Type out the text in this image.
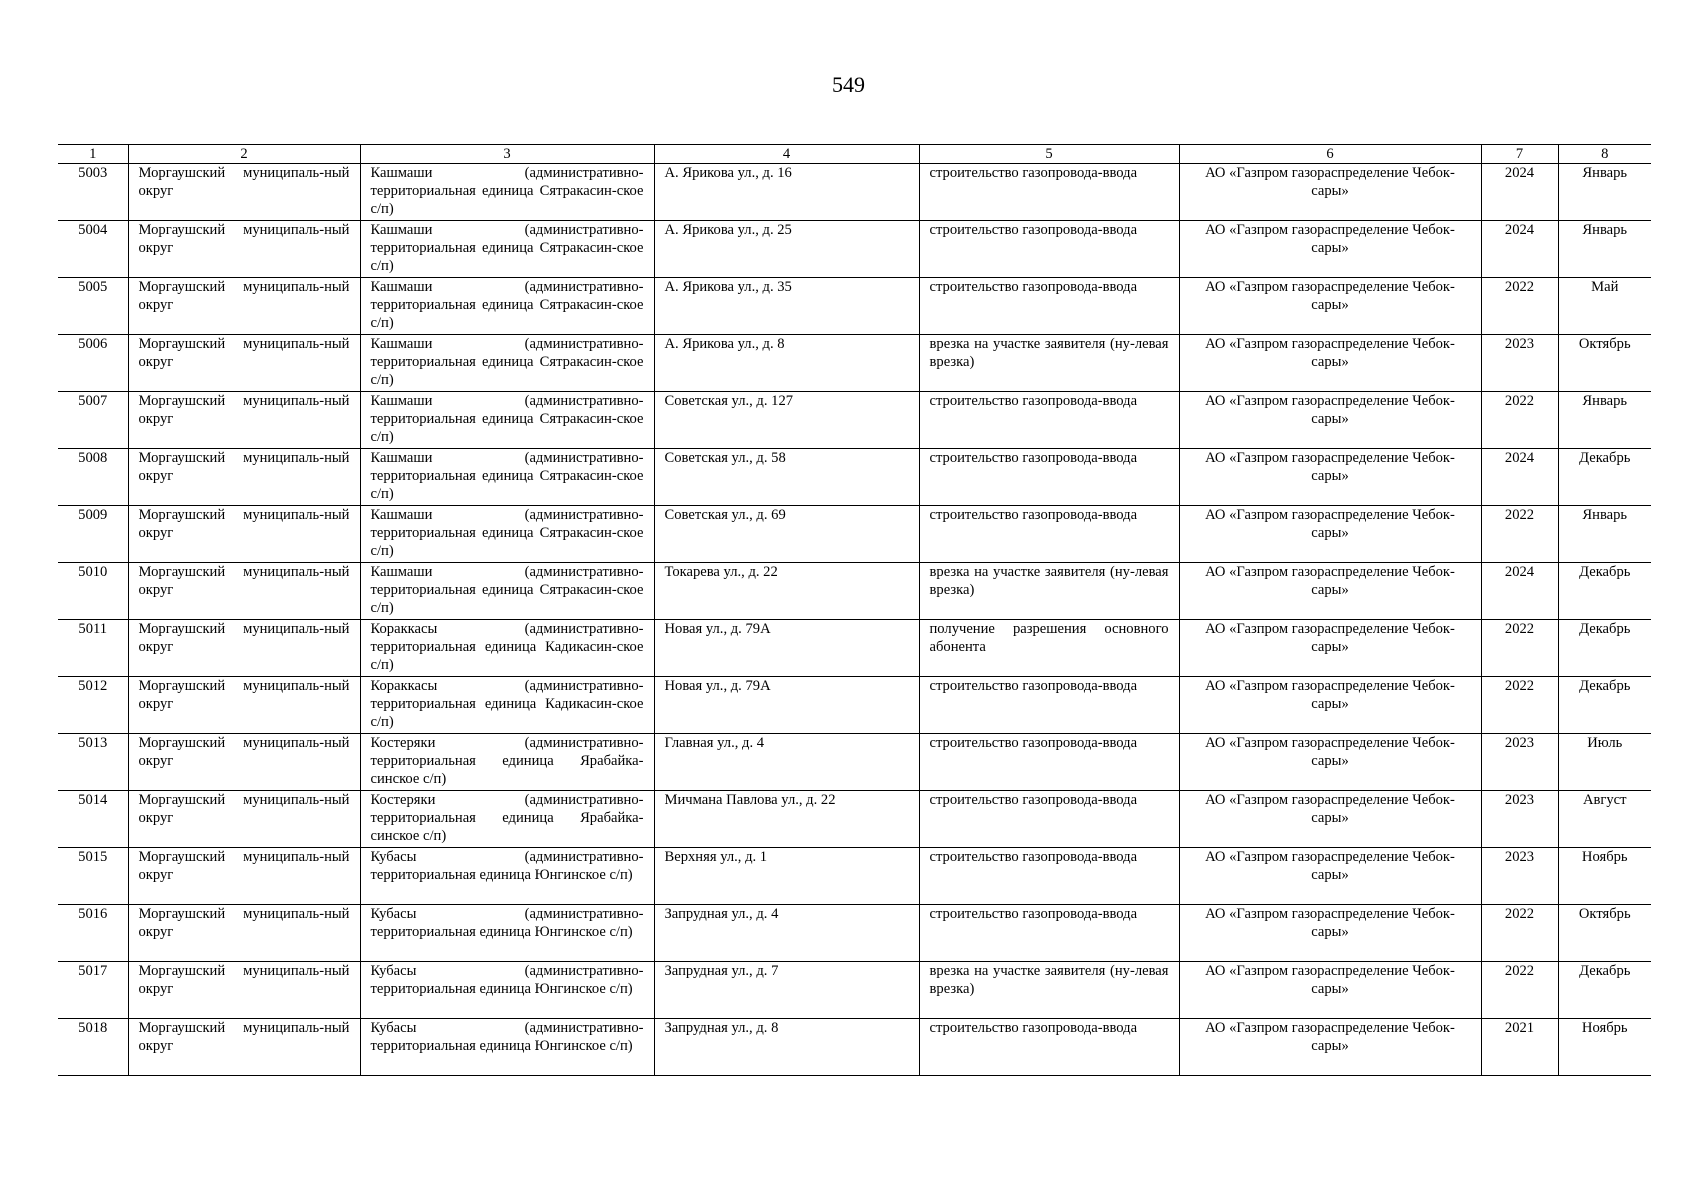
549
1	2	3	4	5	6	7	8
5003	Моргаушский муниципаль-ный округ	Кашмаши (административно-территориальная единица Сятракасин-ское с/п)	А. Ярикова ул., д. 16	строительство газопровода-ввода	АО «Газпром газораспределение Чебок-сары»	2024	Январь
5004	Моргаушский муниципаль-ный округ	Кашмаши (административно-территориальная единица Сятракасин-ское с/п)	А. Ярикова ул., д. 25	строительство газопровода-ввода	АО «Газпром газораспределение Чебок-сары»	2024	Январь
5005	Моргаушский муниципаль-ный округ	Кашмаши (административно-территориальная единица Сятракасин-ское с/п)	А. Ярикова ул., д. 35	строительство газопровода-ввода	АО «Газпром газораспределение Чебок-сары»	2022	Май
5006	Моргаушский муниципаль-ный округ	Кашмаши (административно-территориальная единица Сятракасин-ское с/п)	А. Ярикова ул., д. 8	врезка на участке заявителя (ну-левая врезка)	АО «Газпром газораспределение Чебок-сары»	2023	Октябрь
5007	Моргаушский муниципаль-ный округ	Кашмаши (административно-территориальная единица Сятракасин-ское с/п)	Советская ул., д. 127	строительство газопровода-ввода	АО «Газпром газораспределение Чебок-сары»	2022	Январь
5008	Моргаушский муниципаль-ный округ	Кашмаши (административно-территориальная единица Сятракасин-ское с/п)	Советская ул., д. 58	строительство газопровода-ввода	АО «Газпром газораспределение Чебок-сары»	2024	Декабрь
5009	Моргаушский муниципаль-ный округ	Кашмаши (административно-территориальная единица Сятракасин-ское с/п)	Советская ул., д. 69	строительство газопровода-ввода	АО «Газпром газораспределение Чебок-сары»	2022	Январь
5010	Моргаушский муниципаль-ный округ	Кашмаши (административно-территориальная единица Сятракасин-ское с/п)	Токарева ул., д. 22	врезка на участке заявителя (ну-левая врезка)	АО «Газпром газораспределение Чебок-сары»	2024	Декабрь
5011	Моргаушский муниципаль-ный округ	Кораккасы (административно-территориальная единица Кадикасин-ское с/п)	Новая ул., д. 79А	получение разрешения основного абонента	АО «Газпром газораспределение Чебок-сары»	2022	Декабрь
5012	Моргаушский муниципаль-ный округ	Кораккасы (административно-территориальная единица Кадикасин-ское с/п)	Новая ул., д. 79А	строительство газопровода-ввода	АО «Газпром газораспределение Чебок-сары»	2022	Декабрь
5013	Моргаушский муниципаль-ный округ	Костеряки (административно-территориальная единица Ярабайка-синское с/п)	Главная ул., д. 4	строительство газопровода-ввода	АО «Газпром газораспределение Чебок-сары»	2023	Июль
5014	Моргаушский муниципаль-ный округ	Костеряки (административно-территориальная единица Ярабайка-синское с/п)	Мичмана Павлова ул., д. 22	строительство газопровода-ввода	АО «Газпром газораспределение Чебок-сары»	2023	Август
5015	Моргаушский муниципаль-ный округ	Кубасы (административно-территориальная единица Юнгинское с/п)	Верхняя ул., д. 1	строительство газопровода-ввода	АО «Газпром газораспределение Чебок-сары»	2023	Ноябрь
5016	Моргаушский муниципаль-ный округ	Кубасы (административно-территориальная единица Юнгинское с/п)	Запрудная ул., д. 4	строительство газопровода-ввода	АО «Газпром газораспределение Чебок-сары»	2022	Октябрь
5017	Моргаушский муниципаль-ный округ	Кубасы (административно-территориальная единица Юнгинское с/п)	Запрудная ул., д. 7	врезка на участке заявителя (ну-левая врезка)	АО «Газпром газораспределение Чебок-сары»	2022	Декабрь
5018	Моргаушский муниципаль-ный округ	Кубасы (административно-территориальная единица Юнгинское с/п)	Запрудная ул., д. 8	строительство газопровода-ввода	АО «Газпром газораспределение Чебок-сары»	2021	Ноябрь
